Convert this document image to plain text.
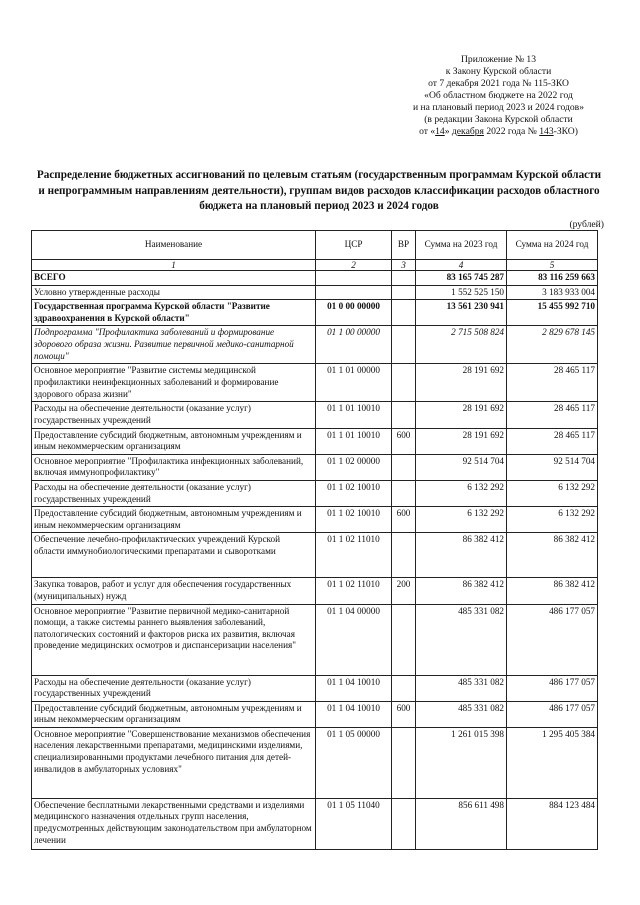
Приложение № 13
к Закону Курской области
от 7 декабря 2021 года № 115-ЗКО
«Об областном бюджете на 2022 год
и на плановый период 2023 и 2024 годов»
(в редакции Закона Курской области
от «14» декабря 2022 года № 143-ЗКО)
Распределение бюджетных ассигнований по целевым статьям (государственным программам Курской области и непрограммным направлениям деятельности), группам видов расходов классификации расходов областного бюджета на плановый период 2023 и 2024 годов
(рублей)
Наименование	ЦСР	ВР	Сумма на 2023 год	Сумма на 2024 год
1	2	3	4	5
ВСЕГО			83 165 745 287	83 116 259 663
Условно утвержденные расходы			1 552 525 150	3 183 933 004
Государственная программа Курской области "Развитие здравоохранения в Курской области"	01 0 00 00000		13 561 230 941	15 455 992 710
Подпрограмма "Профилактика заболеваний и формирование здорового образа жизни. Развитие первичной медико-санитарной помощи"	01 1 00 00000		2 715 508 824	2 829 678 145
Основное мероприятие "Развитие системы медицинской профилактики неинфекционных заболеваний и формирование здорового образа жизни"	01 1 01 00000		28 191 692	28 465 117
Расходы на обеспечение деятельности (оказание услуг) государственных учреждений	01 1 01 10010		28 191 692	28 465 117
Предоставление субсидий бюджетным, автономным учреждениям и иным некоммерческим организациям	01 1 01 10010	600	28 191 692	28 465 117
Основное мероприятие "Профилактика инфекционных заболеваний, включая иммунопрофилактику"	01 1 02 00000		92 514 704	92 514 704
Расходы на обеспечение деятельности (оказание услуг) государственных учреждений	01 1 02 10010		6 132 292	6 132 292
Предоставление субсидий бюджетным, автономным учреждениям и иным некоммерческим организациям	01 1 02 10010	600	6 132 292	6 132 292
Обеспечение лечебно-профилактических учреждений Курской области иммунобиологическими препаратами и сыворотками	01 1 02 11010		86 382 412	86 382 412
Закупка товаров, работ и услуг для обеспечения государственных (муниципальных) нужд	01 1 02 11010	200	86 382 412	86 382 412
Основное мероприятие "Развитие первичной медико-санитарной помощи, а также системы раннего выявления заболеваний, патологических состояний и факторов риска их развития, включая проведение медицинских осмотров и диспансеризации населения"	01 1 04 00000		485 331 082	486 177 057
Расходы на обеспечение деятельности (оказание услуг) государственных учреждений	01 1 04 10010		485 331 082	486 177 057
Предоставление субсидий бюджетным, автономным учреждениям и иным некоммерческим организациям	01 1 04 10010	600	485 331 082	486 177 057
Основное мероприятие "Совершенствование механизмов обеспечения населения лекарственными препаратами, медицинскими изделиями, специализированными продуктами лечебного питания для детей-инвалидов в амбулаторных условиях"	01 1 05 00000		1 261 015 398	1 295 405 384
Обеспечение бесплатными лекарственными средствами и изделиями медицинского назначения отдельных групп населения, предусмотренных действующим законодательством при амбулаторном лечении	01 1 05 11040		856 611 498	884 123 484
